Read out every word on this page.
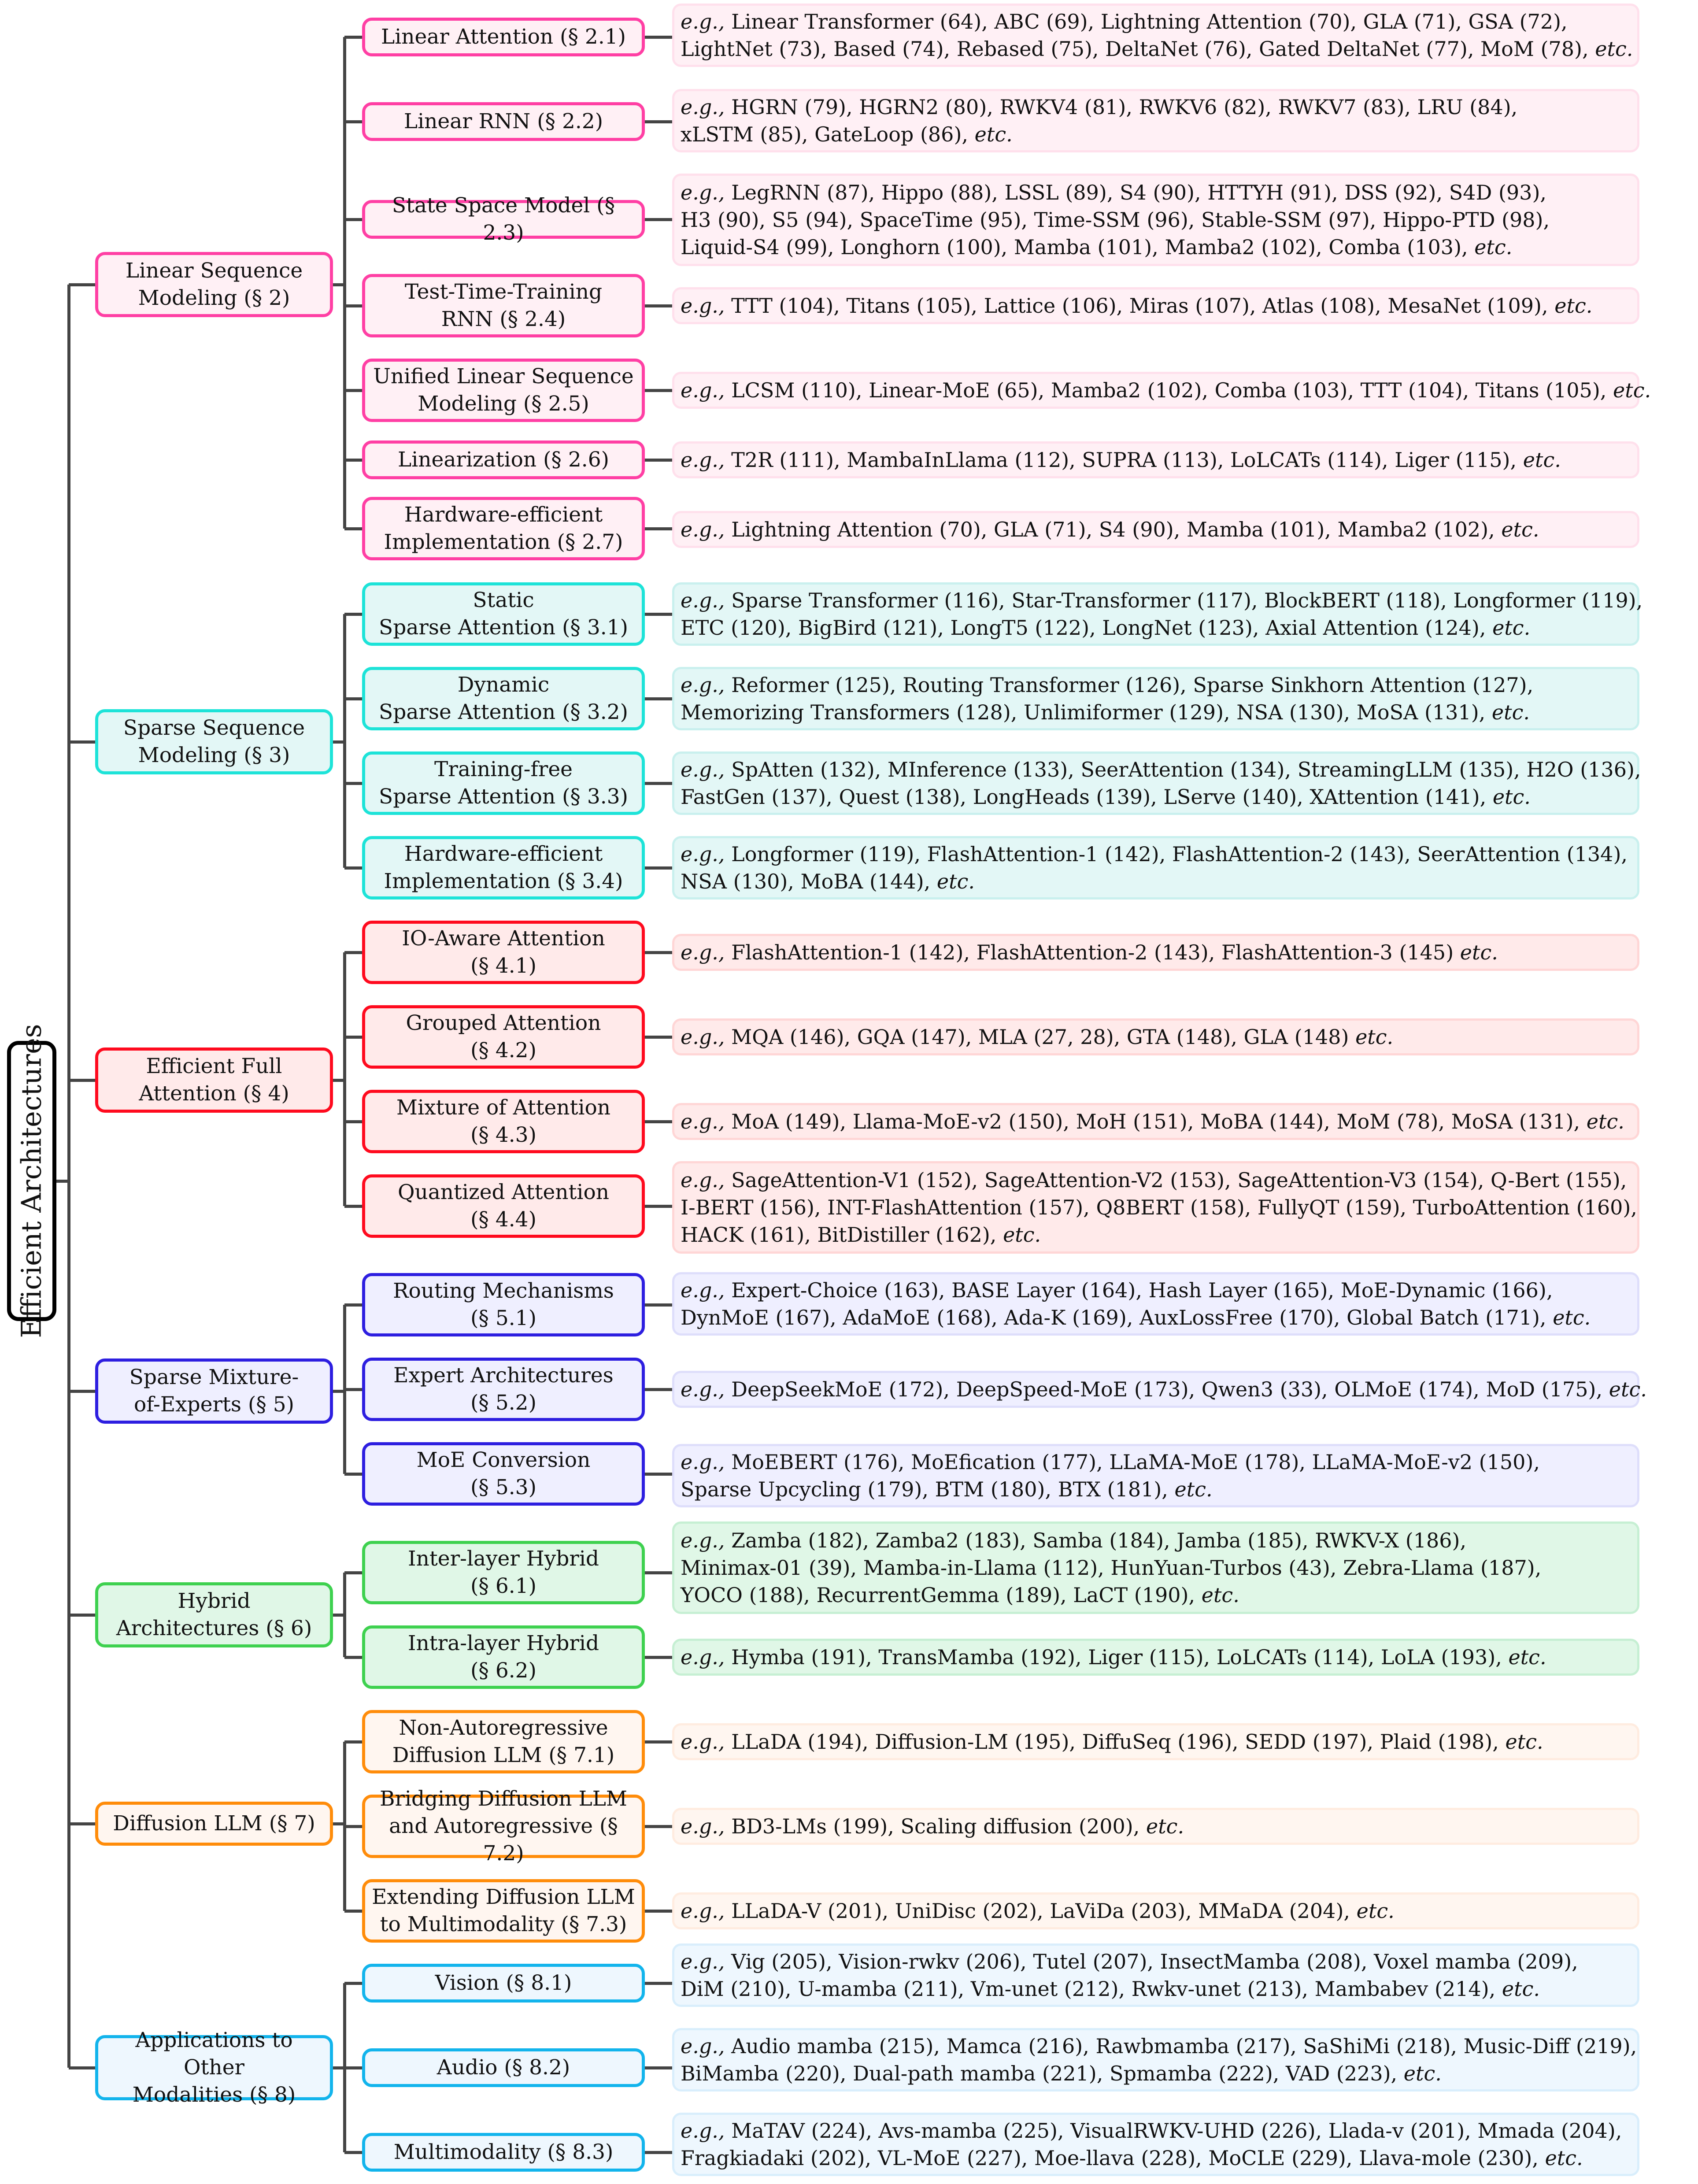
Efficient Architectures
Linear Sequence
Modeling (§ 2)
Linear Attention (§ 2.1)
e.g., Linear Transformer (64), ABC (69), Lightning Attention (70), GLA (71), GSA (72),
LightNet (73), Based (74), Rebased (75), DeltaNet (76), Gated DeltaNet (77), MoM (78), etc.
Linear RNN (§ 2.2)
e.g., HGRN (79), HGRN2 (80), RWKV4 (81), RWKV6 (82), RWKV7 (83), LRU (84),
xLSTM (85), GateLoop (86), etc.
State Space Model (§ 2.3)
e.g., LegRNN (87), Hippo (88), LSSL (89), S4 (90), HTTYH (91), DSS (92), S4D (93),
H3 (90), S5 (94), SpaceTime (95), Time-SSM (96), Stable-SSM (97), Hippo-PTD (98),
Liquid-S4 (99), Longhorn (100), Mamba (101), Mamba2 (102), Comba (103), etc.
Test-Time-Training
RNN (§ 2.4)
e.g., TTT (104), Titans (105), Lattice (106), Miras (107), Atlas (108), MesaNet (109), etc.
Unified Linear Sequence
Modeling (§ 2.5)
e.g., LCSM (110), Linear-MoE (65), Mamba2 (102), Comba (103), TTT (104), Titans (105), etc.
Linearization (§ 2.6)	e.g., T2R (111), MambaInLlama (112), SUPRA (113), LoLCATs (114), Liger (115), etc.
Hardware-efficient
Implementation (§ 2.7)
e.g., Lightning Attention (70), GLA (71), S4 (90), Mamba (101), Mamba2 (102), etc.
Sparse Sequence
Modeling (§ 3)
Static
Sparse Attention (§ 3.1)
e.g., Sparse Transformer (116), Star-Transformer (117), BlockBERT (118), Longformer (119),
ETC (120), BigBird (121), LongT5 (122), LongNet (123), Axial Attention (124), etc.
Dynamic
Sparse Attention (§ 3.2)
e.g., Reformer (125), Routing Transformer (126), Sparse Sinkhorn Attention (127),
Memorizing Transformers (128), Unlimiformer (129), NSA (130), MoSA (131), etc.
Training-free
Sparse Attention (§ 3.3)
e.g., SpAtten (132), MInference (133), SeerAttention (134), StreamingLLM (135), H2O (136),
FastGen (137), Quest (138), LongHeads (139), LServe (140), XAttention (141), etc.
Hardware-efficient
Implementation (§ 3.4)
e.g., Longformer (119), FlashAttention-1 (142), FlashAttention-2 (143), SeerAttention (134),
NSA (130), MoBA (144), etc.
Efficient Full
Attention (§ 4)
IO-Aware Attention
(§ 4.1)
e.g., FlashAttention-1 (142), FlashAttention-2 (143), FlashAttention-3 (145) etc.
Grouped Attention
(§ 4.2)
e.g., MQA (146), GQA (147), MLA (27, 28), GTA (148), GLA (148) etc.
Mixture of Attention
(§ 4.3)
e.g., MoA (149), Llama-MoE-v2 (150), MoH (151), MoBA (144), MoM (78), MoSA (131), etc.
Quantized Attention
(§ 4.4)
e.g., SageAttention-V1 (152), SageAttention-V2 (153), SageAttention-V3 (154), Q-Bert (155),
I-BERT (156), INT-FlashAttention (157), Q8BERT (158), FullyQT (159), TurboAttention (160),
HACK (161), BitDistiller (162), etc.
Sparse Mixture-
of-Experts (§ 5)
Routing Mechanisms
(§ 5.1)
e.g., Expert-Choice (163), BASE Layer (164), Hash Layer (165), MoE-Dynamic (166),
DynMoE (167), AdaMoE (168), Ada-K (169), AuxLossFree (170), Global Batch (171), etc.
Expert Architectures
(§ 5.2)
e.g., DeepSeekMoE (172), DeepSpeed-MoE (173), Qwen3 (33), OLMoE (174), MoD (175), etc.
MoE Conversion
(§ 5.3)
e.g., MoEBERT (176), MoEfication (177), LLaMA-MoE (178), LLaMA-MoE-v2 (150),
Sparse Upcycling (179), BTM (180), BTX (181), etc.
Hybrid
Architectures (§ 6)
Inter-layer Hybrid
(§ 6.1)
e.g., Zamba (182), Zamba2 (183), Samba (184), Jamba (185), RWKV-X (186),
Minimax-01 (39), Mamba-in-Llama (112), HunYuan-Turbos (43), Zebra-Llama (187),
YOCO (188), RecurrentGemma (189), LaCT (190), etc.
Intra-layer Hybrid
(§ 6.2)
e.g., Hymba (191), TransMamba (192), Liger (115), LoLCATs (114), LoLA (193), etc.
Diffusion LLM (§ 7)
Non-Autoregressive
Diffusion LLM (§ 7.1)
e.g., LLaDA (194), Diffusion-LM (195), DiffuSeq (196), SEDD (197), Plaid (198), etc.
Bridging Diffusion LLM
and Autoregressive (§ 7.2)
e.g., BD3-LMs (199), Scaling diffusion (200), etc.
Extending Diffusion LLM
to Multimodality (§ 7.3)
e.g., LLaDA-V (201), UniDisc (202), LaViDa (203), MMaDA (204), etc.
Applications to Other
Modalities (§ 8)
Vision (§ 8.1)
e.g., Vig (205), Vision-rwkv (206), Tutel (207), InsectMamba (208), Voxel mamba (209),
DiM (210), U-mamba (211), Vm-unet (212), Rwkv-unet (213), Mambabev (214), etc.
Audio (§ 8.2)
e.g., Audio mamba (215), Mamca (216), Rawbmamba (217), SaShiMi (218), Music-Diff (219),
BiMamba (220), Dual-path mamba (221), Spmamba (222), VAD (223), etc.
Multimodality (§ 8.3)
e.g., MaTAV (224), Avs-mamba (225), VisualRWKV-UHD (226), Llada-v (201), Mmada (204),
Fragkiadaki (202), VL-MoE (227), Moe-llava (228), MoCLE (229), Llava-mole (230), etc.
